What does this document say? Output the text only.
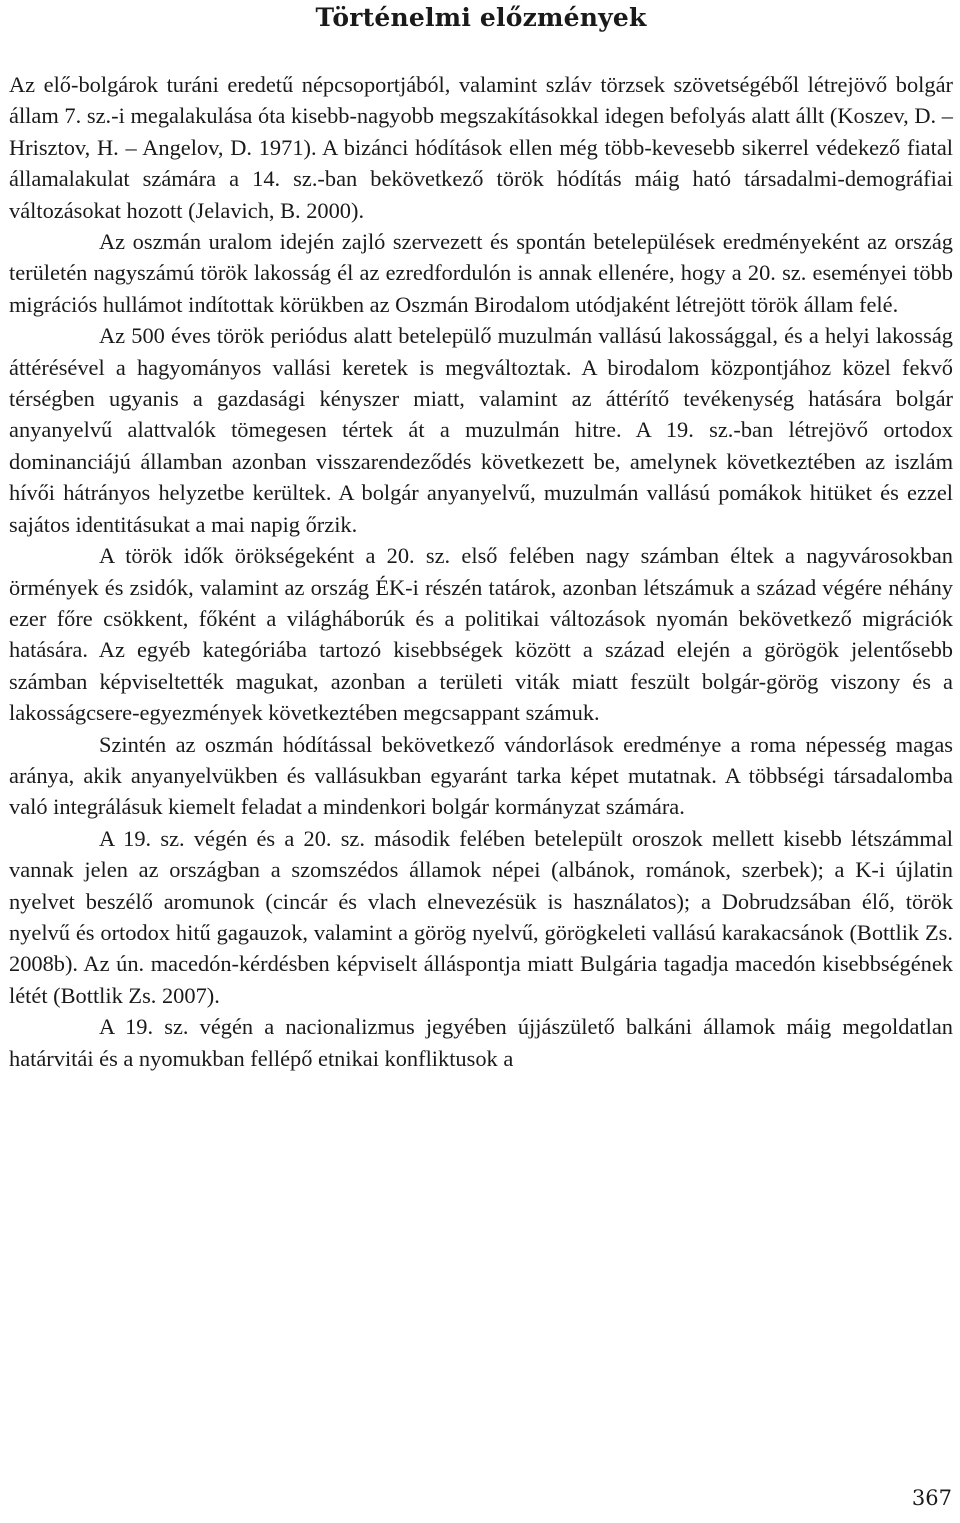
Történelmi előzmények

Az elő-bolgárok turáni eredetű népcsoportjából, valamint szláv törzsek szövetségéből létrejövő bolgár állam 7. sz.-i megalakulása óta kisebb-nagyobb megszakításokkal idegen befolyás alatt állt (Koszev, D. – Hrisztov, H. – Angelov, D. 1971). A bizánci hódítások ellen még több-kevesebb sikerrel védekező fiatal államalakulat számára a 14. sz.-ban bekövetkező török hódítás máig ható társadalmi-demográfiai változásokat hozott (Jelavich, B. 2000).

Az oszmán uralom idején zajló szervezett és spontán betelepülések eredményeként az ország területén nagyszámú török lakosság él az ezredfordulón is annak ellenére, hogy a 20. sz. eseményei több migrációs hullámot indítottak körükben az Oszmán Birodalom utódjaként létrejött török állam felé.

Az 500 éves török periódus alatt betelepülő muzulmán vallású lakossággal, és a helyi lakosság áttérésével a hagyományos vallási keretek is megváltoztak. A birodalom központjához közel fekvő térségben ugyanis a gazdasági kényszer miatt, valamint az áttérítő tevékenység hatására bolgár anyanyelvű alattvalók tömegesen tértek át a muzulmán hitre. A 19. sz.-ban létrejövő ortodox dominanciájú államban azonban visszarendeződés következett be, amelynek következtében az iszlám hívői hátrányos helyzetbe kerültek. A bolgár anyanyelvű, muzulmán vallású pomákok hitüket és ezzel sajátos identitásukat a mai napig őrzik.

A török idők örökségeként a 20. sz. első felében nagy számban éltek a nagyvárosokban örmények és zsidók, valamint az ország ÉK-i részén tatárok, azonban létszámuk a század végére néhány ezer főre csökkent, főként a világháborúk és a politikai változások nyomán bekövetkező migrációk hatására. Az egyéb kategóriába tartozó kisebbségek között a század elején a görögök jelentősebb számban képviseltették magukat, azonban a területi viták miatt feszült bolgár-görög viszony és a lakosságcsere-egyezmények következtében megcsappant számuk.

Szintén az oszmán hódítással bekövetkező vándorlások eredménye a roma népesség magas aránya, akik anyanyelvükben és vallásukban egyaránt tarka képet mutatnak. A többségi társadalomba való integrálásuk kiemelt feladat a mindenkori bolgár kormányzat számára.

A 19. sz. végén és a 20. sz. második felében betelepült oroszok mellett kisebb létszámmal vannak jelen az országban a szomszédos államok népei (albánok, románok, szerbek); a K-i újlatin nyelvet beszélő aromunok (cincár és vlach elnevezésük is használatos); a Dobrudzsában élő, török nyelvű és ortodox hitű gagauzok, valamint a görög nyelvű, görögkeleti vallású karakacsánok (Bottlik Zs. 2008b). Az ún. macedón-kérdésben képviselt álláspontja miatt Bulgária tagadja macedón kisebbségének létét (Bottlik Zs. 2007).

A 19. sz. végén a nacionalizmus jegyében újjászülető balkáni államok máig megoldatlan határvitái és a nyomukban fellépő etnikai konfliktusok a

367
